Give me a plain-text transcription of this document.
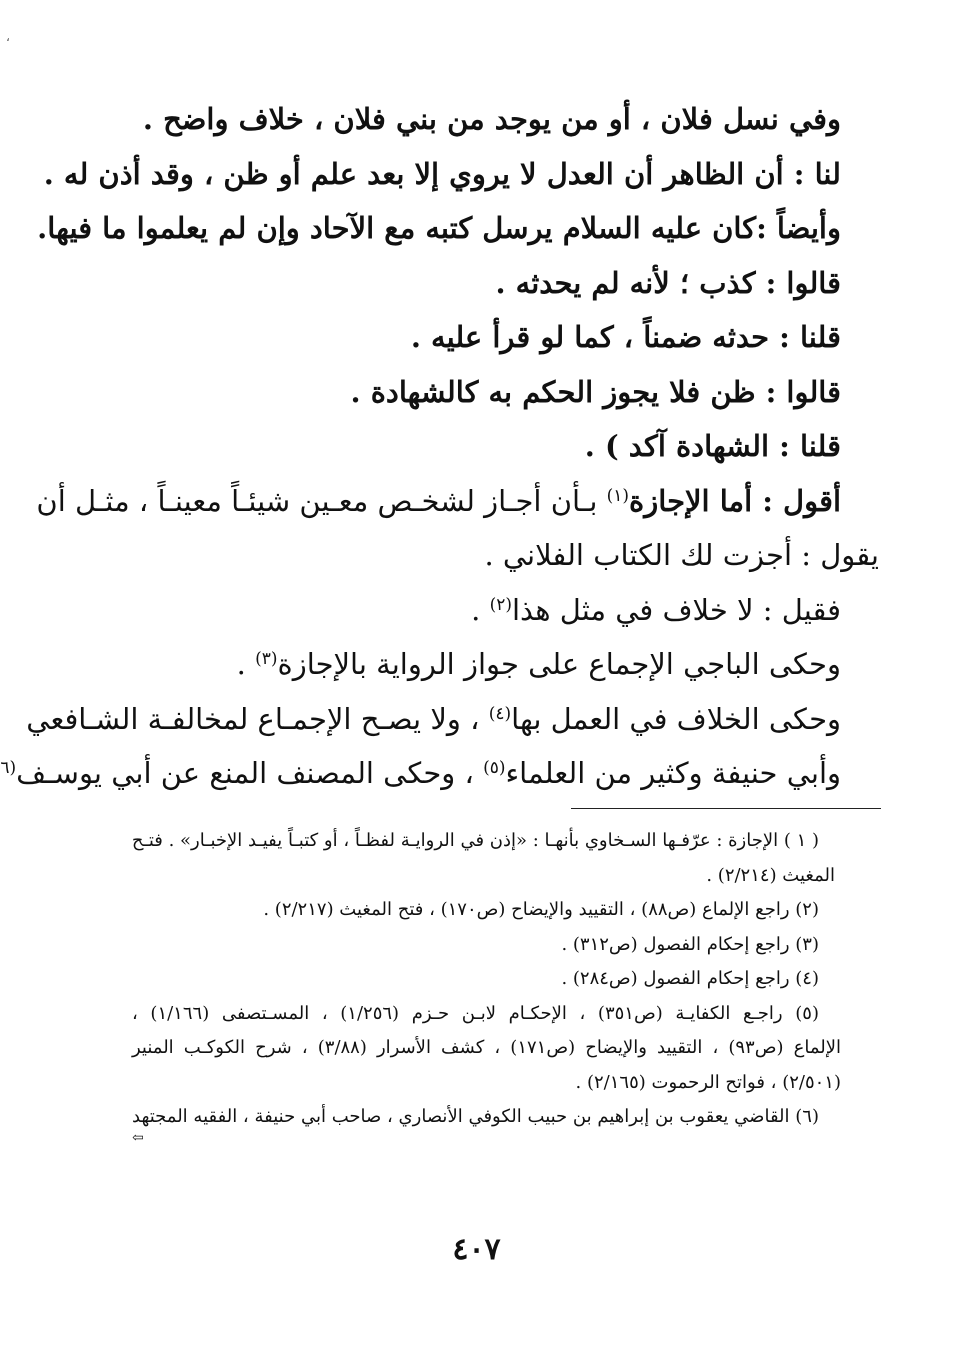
،
وفي نسل فلان ، أو من يوجد من بني فلان ، خلاف واضح .
لنا : أن الظاهر أن العدل لا يروي إلا بعد علم أو ظن ، وقد أذن له .
وأيضاً :كان عليه السلام يرسل كتبه مع الآحاد وإن لم يعلموا ما فيها.
قالوا : كذب ؛ لأنه لم يحدثه .
قلنا : حدثه ضمناً ، كما لو قرأ عليه .
قالوا : ظن فلا يجوز الحكم به كالشهادة .
قلنا : الشهادة آكد ) .
أقول : أما الإجازة$^{(١)}$ بـأن أجـاز لشخـص معـين شيئـاً معينـاً ، مثـل أن
يقول : أجزت لك الكتاب الفلاني .
فقيل : لا خلاف في مثل هذا$^{(٢)}$ .
وحكى الباجي الإجماع على جواز الرواية بالإجازة$^{(٣)}$ .
وحكى الخلاف في العمل بها$^{(٤)}$ ، ولا يصـح الإجمـاع لمخالفـة الشـافعي
وأبي حنيفة وكثير من العلماء$^{(٥)}$ ، وحكى المصنف المنع عن أبي يوسـف$^{(٦}$
( ١ ) الإجازة : عرّفـها السـخاوي بأنهـا : «إذن في الروايـة لفظـاً ، أو كتبـاً يفيـد الإخبـار» . فتـح
المغيث (٢/٢١٤) .
(٢) راجع الإلماع (ص٨٨) ، التقييد والإيضاح (ص١٧٠) ، فتح المغيث (٢/٢١٧) .
(٣) راجع إحكام الفصول (ص٣١٢) .
(٤) راجع إحكام الفصول (ص٢٨٤) .
(٥) راجـع الكفايـة (ص٣٥١) ، الإحكـام لابـن حـزم (١/٢٥٦) ، المسـتصفى (١/١٦٦) ،
الإلماع (ص٩٣) ، التقييد والإيضاح (ص١٧١) ، كشف الأسرار (٣/٨٨) ، شرح الكوكـب المنير
(٢/٥٠١) ، فواتح الرحموت (٢/١٦٥) .
(٦) القاضي يعقوب بن إبراهيم بن حبيب الكوفي الأنصاري ، صاحب أبي حنيفة ، الفقيه المجتهد
⇦
٤٠٧
